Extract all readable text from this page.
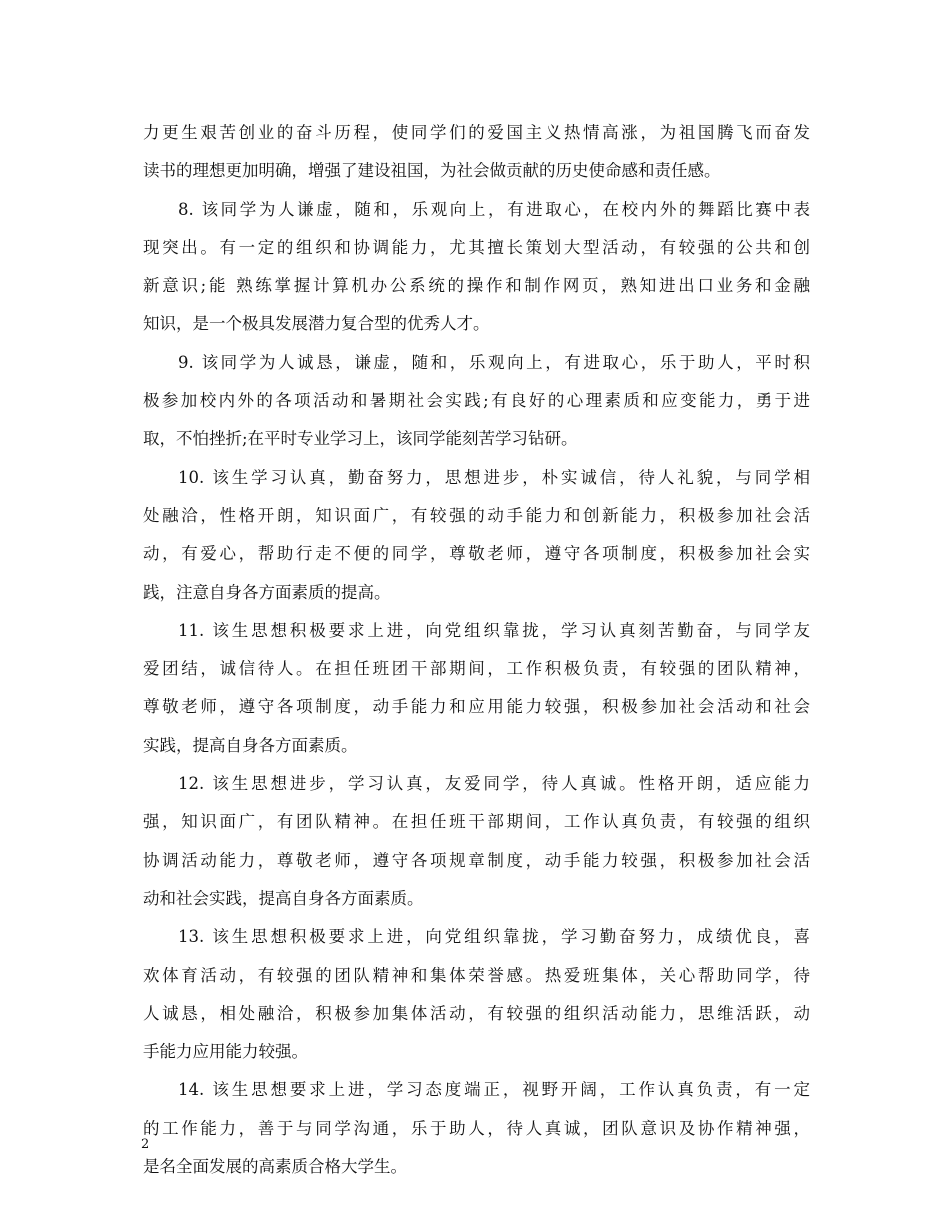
力更生艰苦创业的奋斗历程，使同学们的爱国主义热情高涨，为祖国腾飞而奋发
读书的理想更加明确，增强了建设祖国，为社会做贡献的历史使命感和责任感。
8. 该同学为人谦虚，随和，乐观向上，有进取心，在校内外的舞蹈比赛中表
现突出。有一定的组织和协调能力，尤其擅长策划大型活动，有较强的公共和创
新意识;能 熟练掌握计算机办公系统的操作和制作网页，熟知进出口业务和金融
知识，是一个极具发展潜力复合型的优秀人才。
9. 该同学为人诚恳，谦虚，随和，乐观向上，有进取心，乐于助人，平时积
极参加校内外的各项活动和暑期社会实践;有良好的心理素质和应变能力，勇于进
取，不怕挫折;在平时专业学习上，该同学能刻苦学习钻研。
10. 该生学习认真，勤奋努力，思想进步，朴实诚信，待人礼貌，与同学相
处融洽，性格开朗，知识面广，有较强的动手能力和创新能力，积极参加社会活
动，有爱心，帮助行走不便的同学，尊敬老师，遵守各项制度，积极参加社会实
践，注意自身各方面素质的提高。
11. 该生思想积极要求上进，向党组织靠拢，学习认真刻苦勤奋，与同学友
爱团结，诚信待人。在担任班团干部期间，工作积极负责，有较强的团队精神，
尊敬老师，遵守各项制度，动手能力和应用能力较强，积极参加社会活动和社会
实践，提高自身各方面素质。
12. 该生思想进步，学习认真，友爱同学，待人真诚。性格开朗，适应能力
强，知识面广，有团队精神。在担任班干部期间，工作认真负责，有较强的组织
协调活动能力，尊敬老师，遵守各项规章制度，动手能力较强，积极参加社会活
动和社会实践，提高自身各方面素质。
13. 该生思想积极要求上进，向党组织靠拢，学习勤奋努力，成绩优良，喜
欢体育活动，有较强的团队精神和集体荣誉感。热爱班集体，关心帮助同学，待
人诚恳，相处融洽，积极参加集体活动，有较强的组织活动能力，思维活跃，动
手能力应用能力较强。
14. 该生思想要求上进，学习态度端正，视野开阔，工作认真负责，有一定
的工作能力，善于与同学沟通，乐于助人，待人真诚，团队意识及协作精神强，
是名全面发展的高素质合格大学生。
2
